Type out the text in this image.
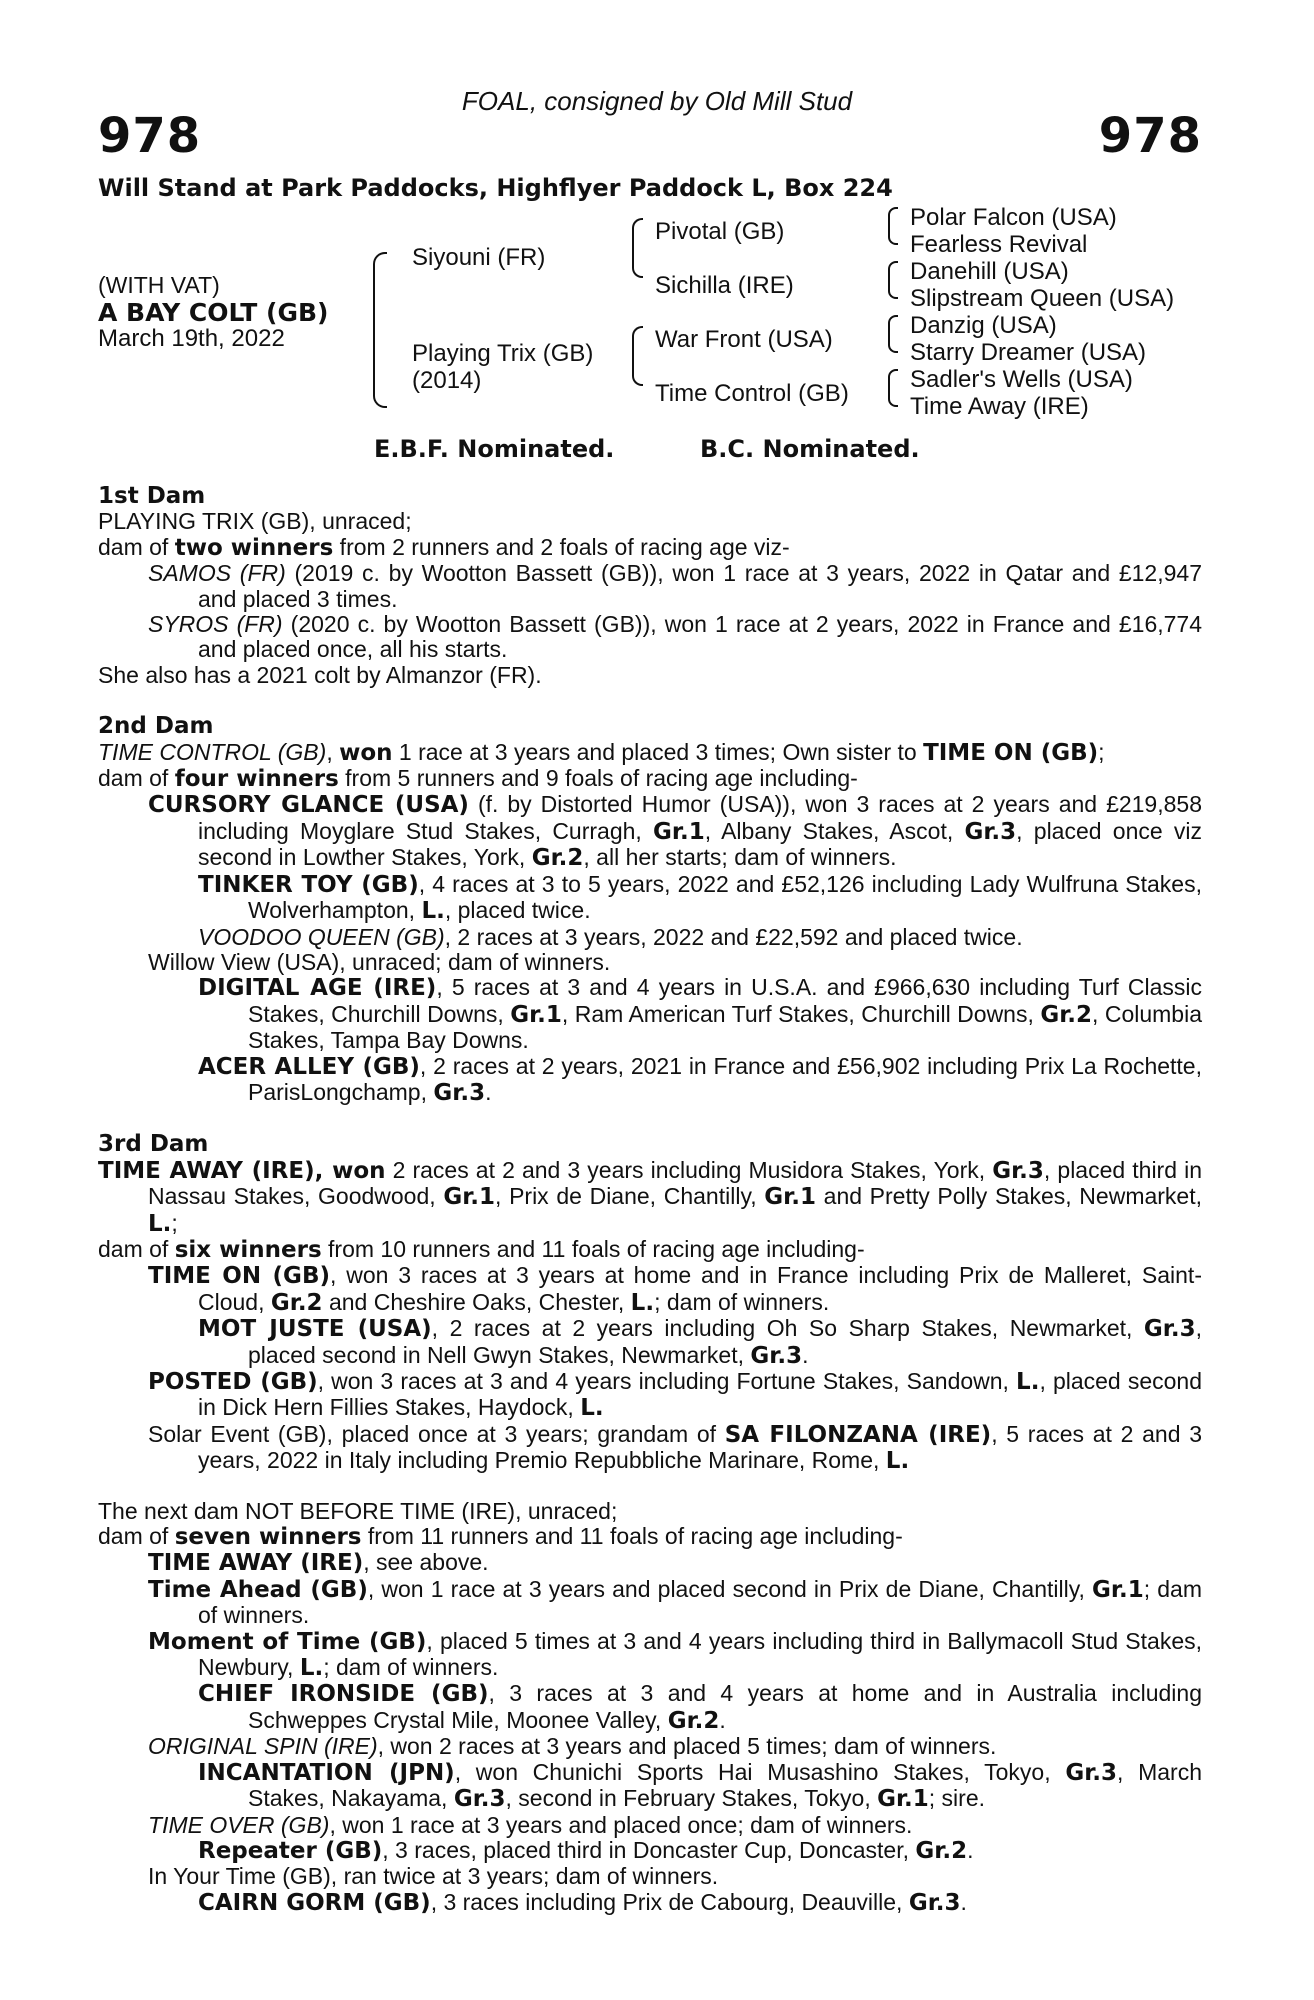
FOAL, consigned by Old Mill Stud
978	978
Will Stand at Park Paddocks, Highflyer Paddock L, Box 224
(WITH VAT)
A BAY COLT (GB)
March 19th, 2022
Siyouni (FR)
Playing Trix (GB)
(2014)
Pivotal (GB)
Sichilla (IRE)
War Front (USA)
Time Control (GB)
Polar Falcon (USA)
Fearless Revival
Danehill (USA)
Slipstream Queen (USA)
Danzig (USA)
Starry Dreamer (USA)
Sadler's Wells (USA)
Time Away (IRE)
E.B.F. Nominated.	B.C. Nominated.
1st Dam
PLAYING TRIX (GB), unraced;
dam of two winners from 2 runners and 2 foals of racing age viz-
SAMOS (FR) (2019 c. by Wootton Bassett (GB)), won 1 race at 3 years, 2022 in Qatar and £12,947 and placed 3 times.
SYROS (FR) (2020 c. by Wootton Bassett (GB)), won 1 race at 2 years, 2022 in France and £16,774 and placed once, all his starts.
She also has a 2021 colt by Almanzor (FR).
2nd Dam
TIME CONTROL (GB), won 1 race at 3 years and placed 3 times; Own sister to TIME ON (GB);
dam of four winners from 5 runners and 9 foals of racing age including-
CURSORY GLANCE (USA) (f. by Distorted Humor (USA)), won 3 races at 2 years and £219,858 including Moyglare Stud Stakes, Curragh, Gr.1, Albany Stakes, Ascot, Gr.3, placed once viz second in Lowther Stakes, York, Gr.2, all her starts; dam of winners.
TINKER TOY (GB), 4 races at 3 to 5 years, 2022 and £52,126 including Lady Wulfruna Stakes, Wolverhampton, L., placed twice.
VOODOO QUEEN (GB), 2 races at 3 years, 2022 and £22,592 and placed twice.
Willow View (USA), unraced; dam of winners.
DIGITAL AGE (IRE), 5 races at 3 and 4 years in U.S.A. and £966,630 including Turf Classic Stakes, Churchill Downs, Gr.1, Ram American Turf Stakes, Churchill Downs, Gr.2, Columbia Stakes, Tampa Bay Downs.
ACER ALLEY (GB), 2 races at 2 years, 2021 in France and £56,902 including Prix La Rochette, ParisLongchamp, Gr.3.
3rd Dam
TIME AWAY (IRE), won 2 races at 2 and 3 years including Musidora Stakes, York, Gr.3, placed third in Nassau Stakes, Goodwood, Gr.1, Prix de Diane, Chantilly, Gr.1 and Pretty Polly Stakes, Newmarket, L.;
dam of six winners from 10 runners and 11 foals of racing age including-
TIME ON (GB), won 3 races at 3 years at home and in France including Prix de Malleret, Saint-Cloud, Gr.2 and Cheshire Oaks, Chester, L.; dam of winners.
MOT JUSTE (USA), 2 races at 2 years including Oh So Sharp Stakes, Newmarket, Gr.3, placed second in Nell Gwyn Stakes, Newmarket, Gr.3.
POSTED (GB), won 3 races at 3 and 4 years including Fortune Stakes, Sandown, L., placed second in Dick Hern Fillies Stakes, Haydock, L.
Solar Event (GB), placed once at 3 years; grandam of SA FILONZANA (IRE), 5 races at 2 and 3 years, 2022 in Italy including Premio Repubbliche Marinare, Rome, L.
The next dam NOT BEFORE TIME (IRE), unraced;
dam of seven winners from 11 runners and 11 foals of racing age including-
TIME AWAY (IRE), see above.
Time Ahead (GB), won 1 race at 3 years and placed second in Prix de Diane, Chantilly, Gr.1; dam of winners.
Moment of Time (GB), placed 5 times at 3 and 4 years including third in Ballymacoll Stud Stakes, Newbury, L.; dam of winners.
CHIEF IRONSIDE (GB), 3 races at 3 and 4 years at home and in Australia including Schweppes Crystal Mile, Moonee Valley, Gr.2.
ORIGINAL SPIN (IRE), won 2 races at 3 years and placed 5 times; dam of winners.
INCANTATION (JPN), won Chunichi Sports Hai Musashino Stakes, Tokyo, Gr.3, March Stakes, Nakayama, Gr.3, second in February Stakes, Tokyo, Gr.1; sire.
TIME OVER (GB), won 1 race at 3 years and placed once; dam of winners.
Repeater (GB), 3 races, placed third in Doncaster Cup, Doncaster, Gr.2.
In Your Time (GB), ran twice at 3 years; dam of winners.
CAIRN GORM (GB), 3 races including Prix de Cabourg, Deauville, Gr.3.
